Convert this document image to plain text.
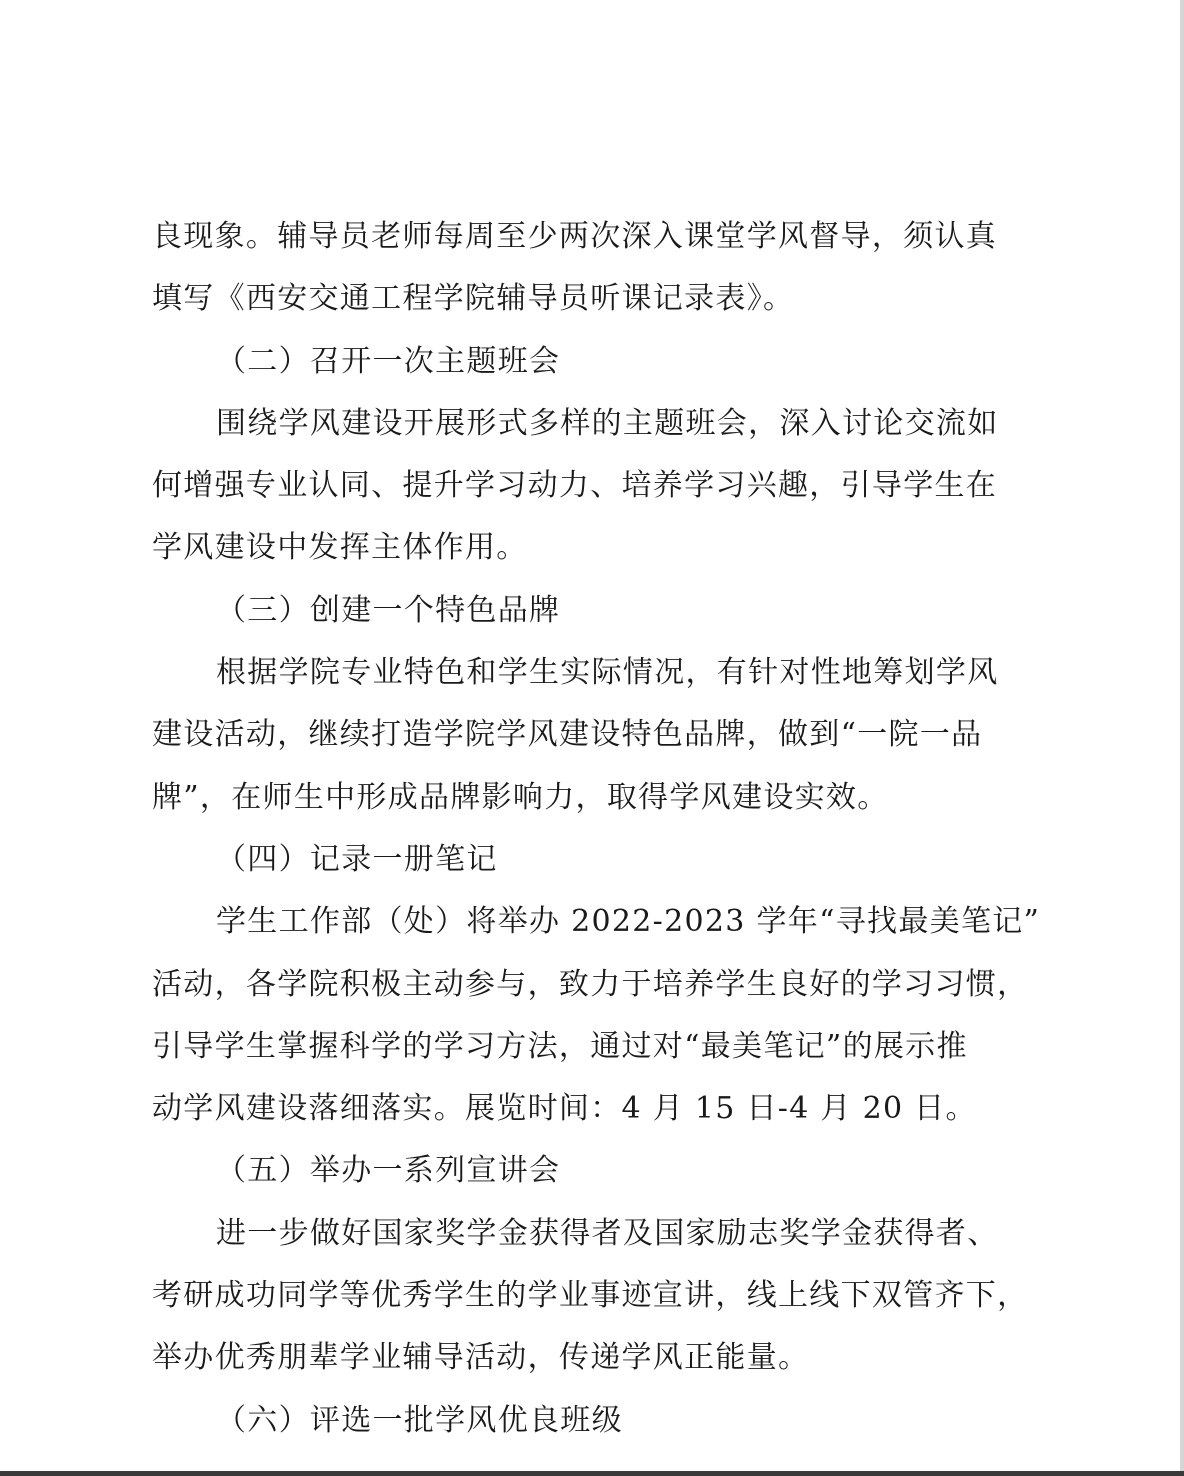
良现象。辅导员老师每周至少两次深入课堂学风督导，须认真
填写《西安交通工程学院辅导员听课记录表》。
（二）召开一次主题班会
围绕学风建设开展形式多样的主题班会，深入讨论交流如
何增强专业认同、提升学习动力、培养学习兴趣，引导学生在
学风建设中发挥主体作用。
（三）创建一个特色品牌
根据学院专业特色和学生实际情况，有针对性地筹划学风
建设活动，继续打造学院学风建设特色品牌，做到“一院一品
牌”，在师生中形成品牌影响力，取得学风建设实效。
（四）记录一册笔记
学生工作部（处）将举办 2022-2023 学年“寻找最美笔记”
活动，各学院积极主动参与，致力于培养学生良好的学习习惯，
引导学生掌握科学的学习方法，通过对“最美笔记”的展示推
动学风建设落细落实。展览时间：4 月 15 日-4 月 20 日。
（五）举办一系列宣讲会
进一步做好国家奖学金获得者及国家励志奖学金获得者、
考研成功同学等优秀学生的学业事迹宣讲，线上线下双管齐下，
举办优秀朋辈学业辅导活动，传递学风正能量。
（六）评选一批学风优良班级
